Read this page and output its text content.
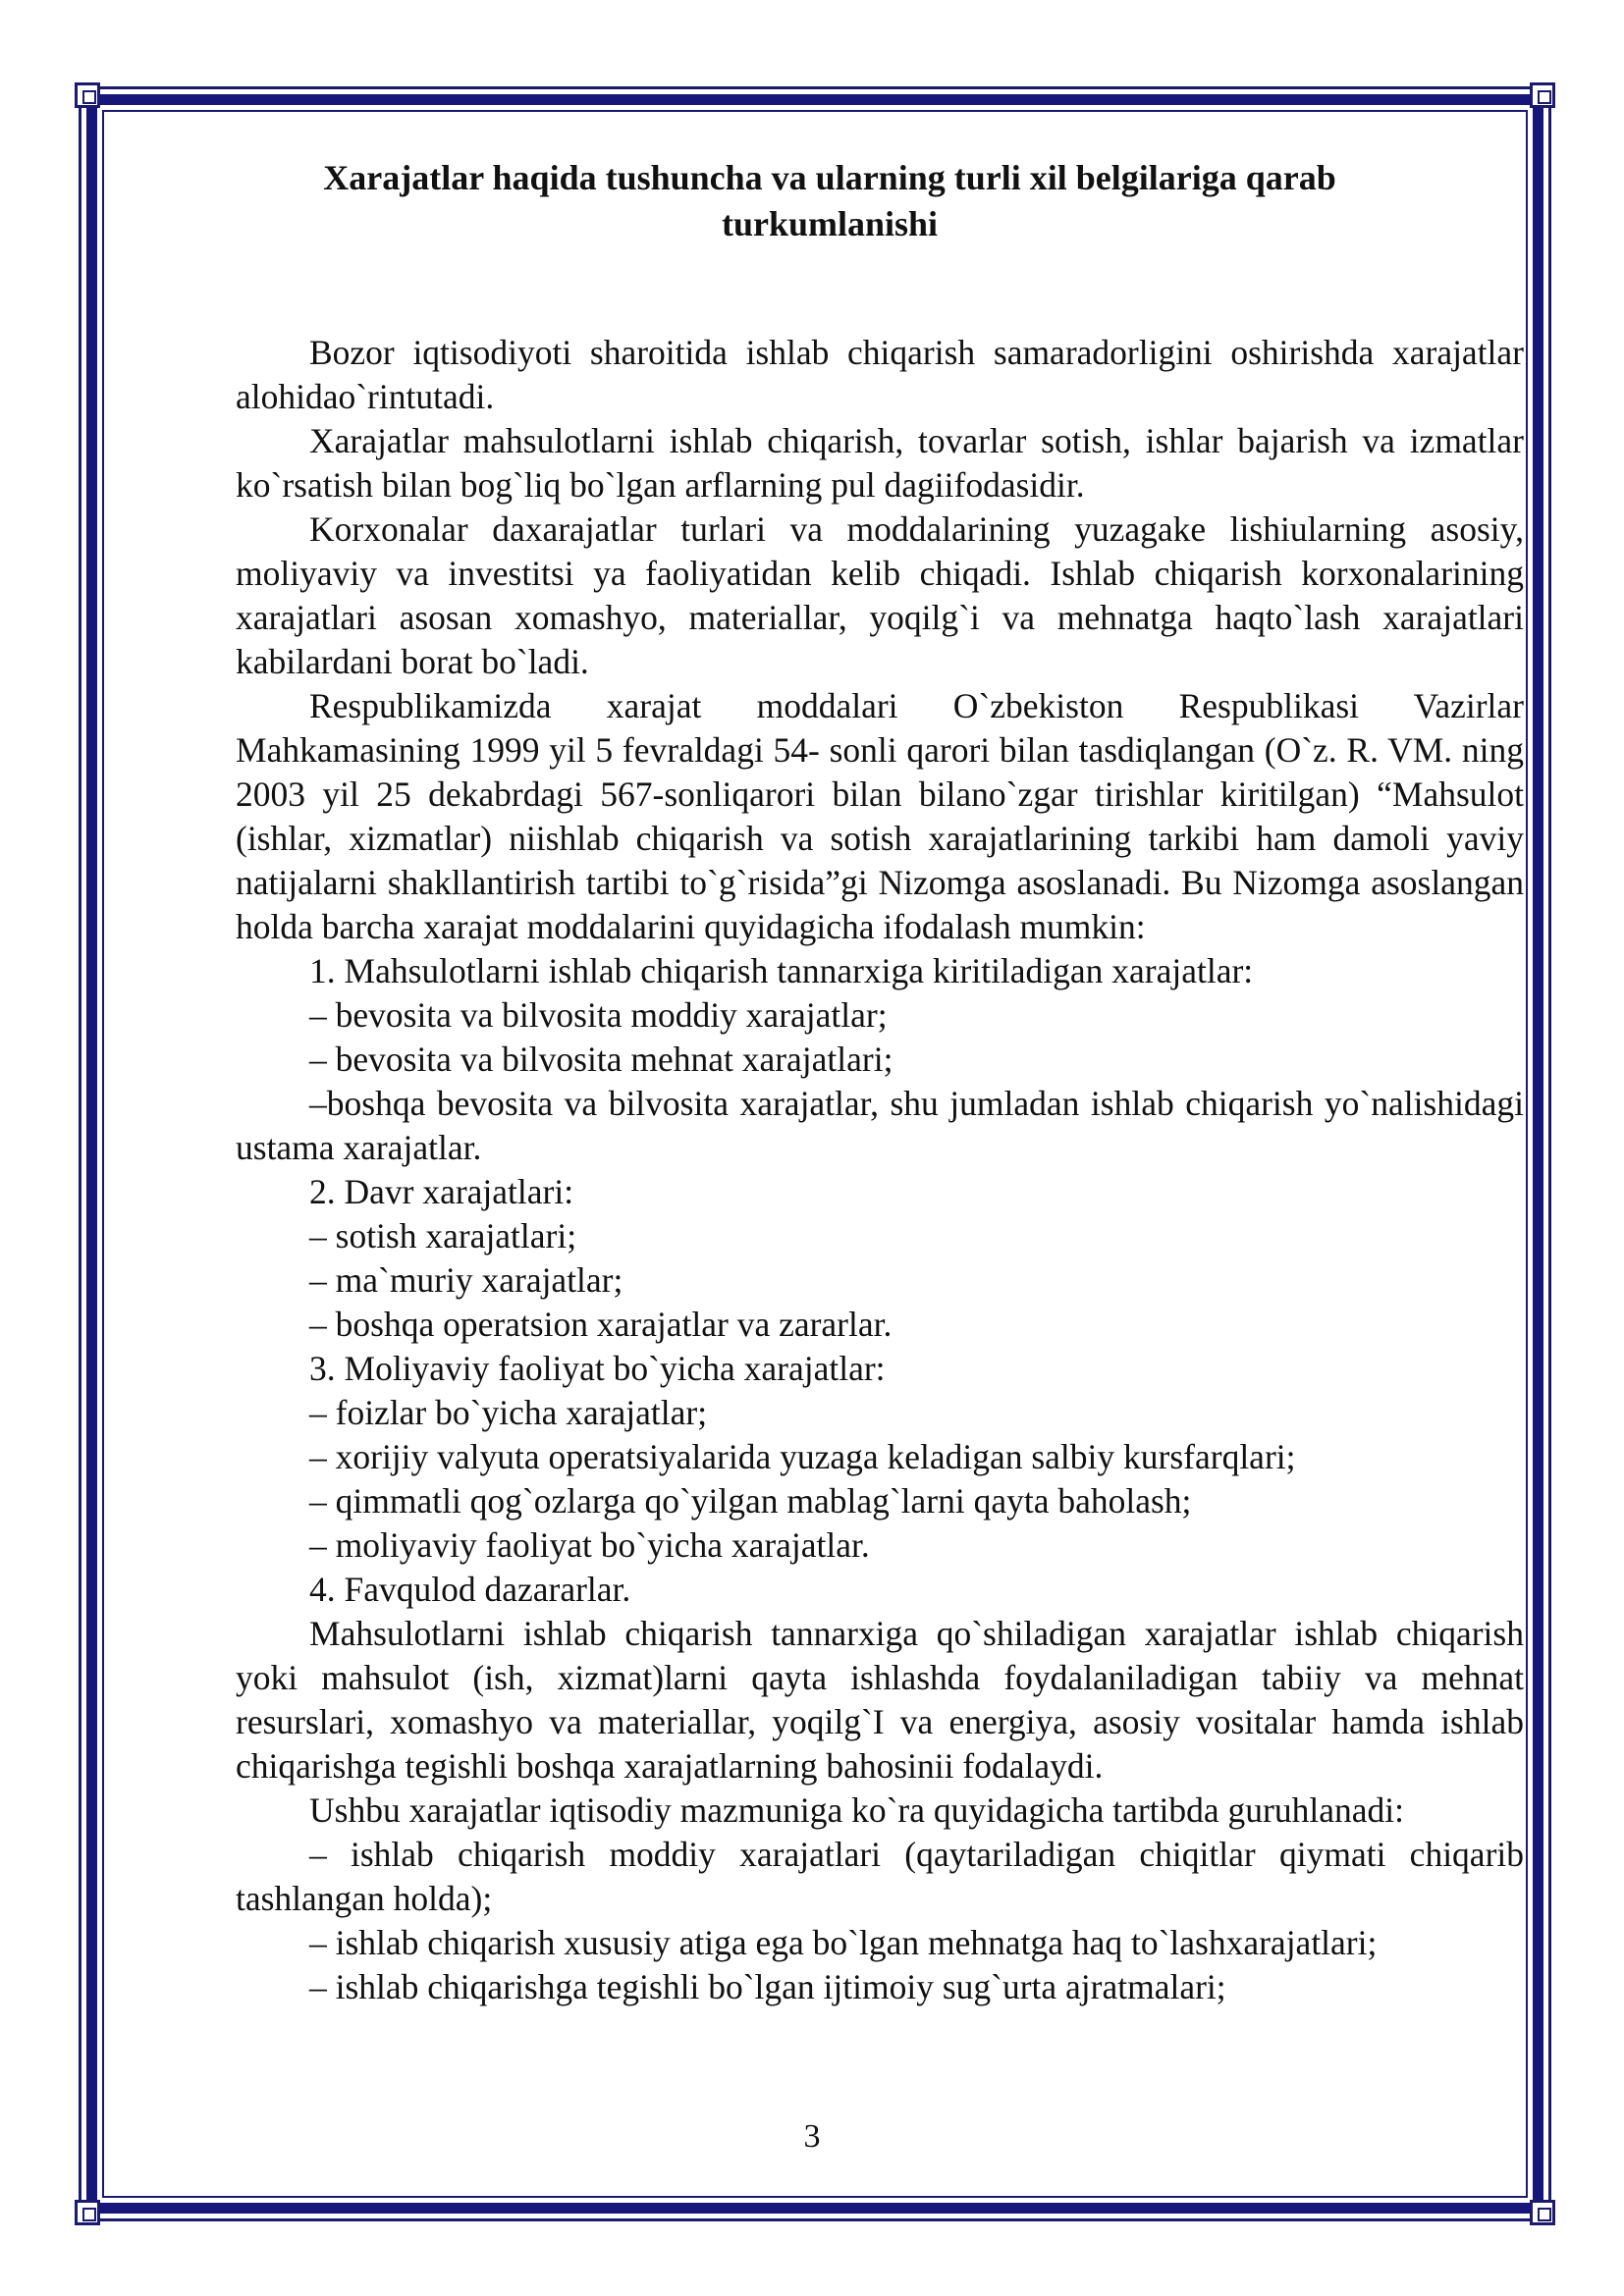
Xarajatlar haqida tushuncha va ularning turli xil belgilariga qarab
turkumlanishi

Bozor iqtisodiyoti sharoitida ishlab chiqarish samaradorligini oshirishda xarajatlar alohidao`rintutadi.

Xarajatlar mahsulotlarni ishlab chiqarish, tovarlar sotish, ishlar bajarish va izmatlar ko`rsatish bilan bog`liq bo`lgan arflarning pul dagiifodasidir.

Korxonalar daxarajatlar turlari va moddalarining yuzagake lishiularning asosiy, moliyaviy va investitsi ya faoliyatidan kelib chiqadi. Ishlab chiqarish korxonalarining xarajatlari asosan xomashyo, materiallar, yoqilg`i va mehnatga haqto`lash xarajatlari kabilardani borat bo`ladi.

Respublikamizda xarajat moddalari O`zbekiston Respublikasi Vazirlar Mahkamasining 1999 yil 5 fevraldagi 54- sonli qarori bilan tasdiqlangan (O`z. R. VM. ning 2003 yil 25 dekabrdagi 567-sonliqarori bilan bilano`zgar tirishlar kiritilgan) “Mahsulot (ishlar, xizmatlar) niishlab chiqarish va sotish xarajatlarining tarkibi ham damoli yaviy natijalarni shakllantirish tartibi to`g`risida”gi Nizomga asoslanadi. Bu Nizomga asoslangan holda barcha xarajat moddalarini quyidagicha ifodalash mumkin:

1. Mahsulotlarni ishlab chiqarish tannarxiga kiritiladigan xarajatlar:

– bevosita va bilvosita moddiy xarajatlar;

– bevosita va bilvosita mehnat xarajatlari;

–boshqa bevosita va bilvosita xarajatlar, shu jumladan ishlab chiqarish yo`nalishidagi ustama xarajatlar.

2. Davr xarajatlari:

– sotish xarajatlari;

– ma`muriy xarajatlar;

– boshqa operatsion xarajatlar va zararlar.

3. Moliyaviy faoliyat bo`yicha xarajatlar:

– foizlar bo`yicha xarajatlar;

– xorijiy valyuta operatsiyalarida yuzaga keladigan salbiy kursfarqlari;

– qimmatli qog`ozlarga qo`yilgan mablag`larni qayta baholash;

– moliyaviy faoliyat bo`yicha xarajatlar.

4. Favqulod dazararlar.

Mahsulotlarni ishlab chiqarish tannarxiga qo`shiladigan xarajatlar ishlab chiqarish yoki mahsulot (ish, xizmat)larni qayta ishlashda foydalaniladigan tabiiy va mehnat resurslari, xomashyo va materiallar, yoqilg`I va energiya, asosiy vositalar hamda ishlab chiqarishga tegishli boshqa xarajatlarning bahosinii fodalaydi.

Ushbu xarajatlar iqtisodiy mazmuniga ko`ra quyidagicha tartibda guruhlanadi:

– ishlab chiqarish moddiy xarajatlari (qaytariladigan chiqitlar qiymati chiqarib tashlangan holda);

– ishlab chiqarish xususiy atiga ega bo`lgan mehnatga haq to`lashxarajatlari;

– ishlab chiqarishga tegishli bo`lgan ijtimoiy sug`urta ajratmalari;

3
